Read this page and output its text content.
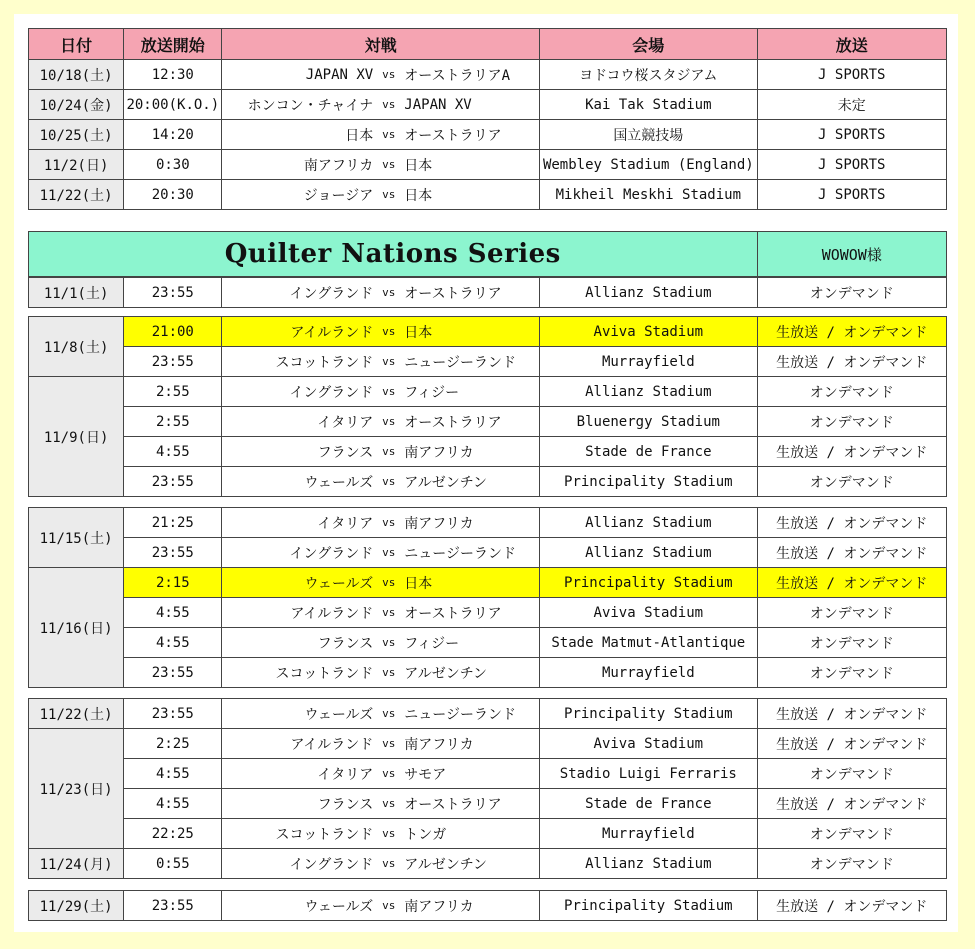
日付	放送開始	対戦			会場	放送
10/18(土)	12:30	JAPAN XV	vs	オーストラリアA	ヨドコウ桜スタジアム	J SPORTS
10/24(金)	20:00(K.O.)	ホンコン・チャイナ	vs	JAPAN XV	Kai Tak Stadium	未定
10/25(土)	14:20	日本	vs	オーストラリア	国立競技場	J SPORTS
11/2(日)	0:30	南アフリカ	vs	日本	Wembley Stadium (England)	J SPORTS
11/22(土)	20:30	ジョージア	vs	日本	Mikheil Meskhi Stadium	J SPORTS
Quilter Nations Series	WOWOW様
11/1(土)	23:55	イングランド	vs	オーストラリア	Allianz Stadium	オンデマンド
11/8(土)	21:00	アイルランド	vs	日本	Aviva Stadium	生放送 / オンデマンド
	23:55	スコットランド	vs	ニュージーランド	Murrayfield	生放送 / オンデマンド
11/9(日)	2:55	イングランド	vs	フィジー	Allianz Stadium	オンデマンド
	2:55	イタリア	vs	オーストラリア	Bluenergy Stadium	オンデマンド
	4:55	フランス	vs	南アフリカ	Stade de France	生放送 / オンデマンド
	23:55	ウェールズ	vs	アルゼンチン	Principality Stadium	オンデマンド
11/15(土)	21:25	イタリア	vs	南アフリカ	Allianz Stadium	生放送 / オンデマンド
	23:55	イングランド	vs	ニュージーランド	Allianz Stadium	生放送 / オンデマンド
11/16(日)	2:15	ウェールズ	vs	日本	Principality Stadium	生放送 / オンデマンド
	4:55	アイルランド	vs	オーストラリア	Aviva Stadium	オンデマンド
	4:55	フランス	vs	フィジー	Stade Matmut-Atlantique	オンデマンド
	23:55	スコットランド	vs	アルゼンチン	Murrayfield	オンデマンド
11/22(土)	23:55	ウェールズ	vs	ニュージーランド	Principality Stadium	生放送 / オンデマンド
11/23(日)	2:25	アイルランド	vs	南アフリカ	Aviva Stadium	生放送 / オンデマンド
	4:55	イタリア	vs	サモア	Stadio Luigi Ferraris	オンデマンド
	4:55	フランス	vs	オーストラリア	Stade de France	生放送 / オンデマンド
	22:25	スコットランド	vs	トンガ	Murrayfield	オンデマンド
11/24(月)	0:55	イングランド	vs	アルゼンチン	Allianz Stadium	オンデマンド
11/29(土)	23:55	ウェールズ	vs	南アフリカ	Principality Stadium	生放送 / オンデマンド
